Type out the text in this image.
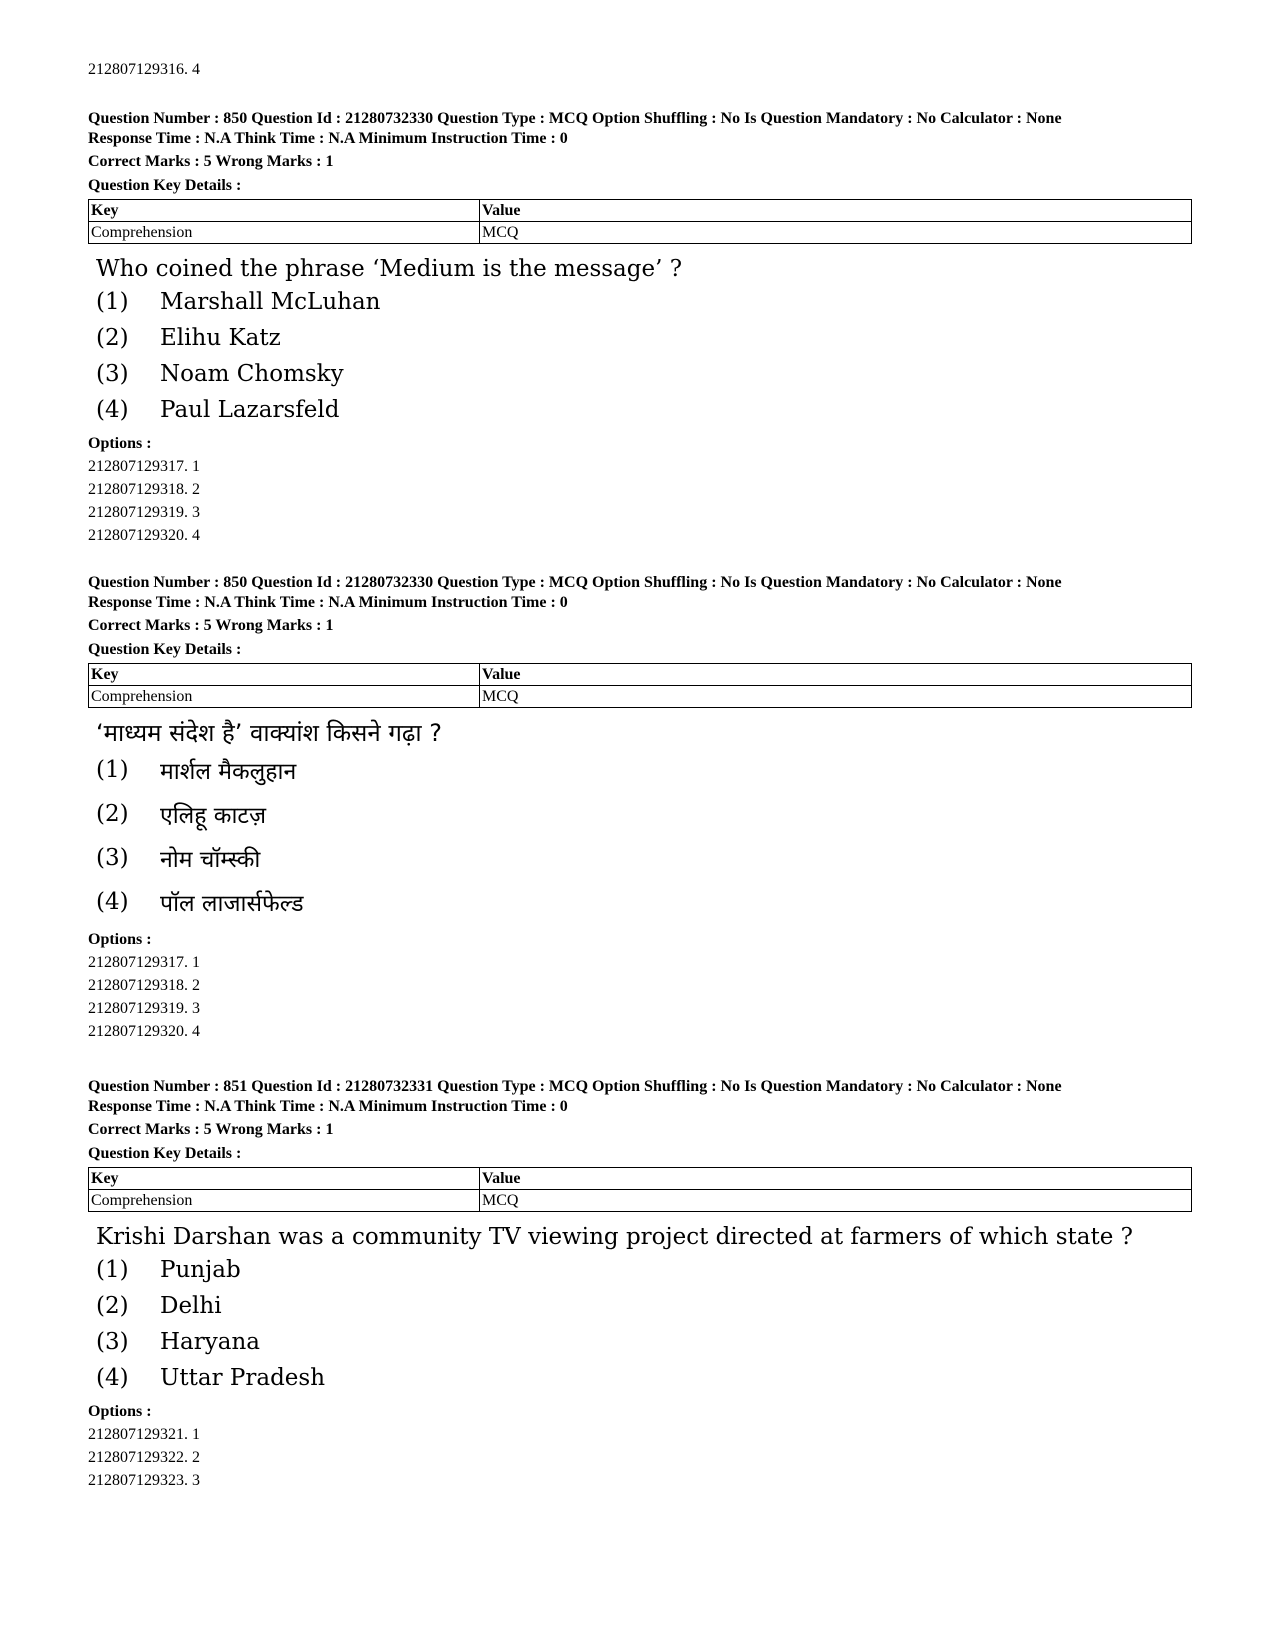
212807129316. 4
Question Number : 850 Question Id : 21280732330 Question Type : MCQ Option Shuffling : No Is Question Mandatory : No Calculator : None
Response Time : N.A Think Time : N.A Minimum Instruction Time : 0
Correct Marks : 5 Wrong Marks : 1
Question Key Details :
Key	Value
Comprehension	MCQ
Who coined the phrase ‘Medium is the message’ ?
(1)	Marshall McLuhan
(2)	Elihu Katz
(3)	Noam Chomsky
(4)	Paul Lazarsfeld
Options :
212807129317. 1
212807129318. 2
212807129319. 3
212807129320. 4
Question Number : 850 Question Id : 21280732330 Question Type : MCQ Option Shuffling : No Is Question Mandatory : No Calculator : None
Response Time : N.A Think Time : N.A Minimum Instruction Time : 0
Correct Marks : 5 Wrong Marks : 1
Question Key Details :
Key	Value
Comprehension	MCQ
‘माध्यम संदेश है’ वाक्यांश किसने गढ़ा ?
(1)	मार्शल मैकलुहान
(2)	एलिहू काटज़
(3)	नोम चॉम्स्की
(4)	पॉल लाजार्सफेल्ड
Options :
212807129317. 1
212807129318. 2
212807129319. 3
212807129320. 4
Question Number : 851 Question Id : 21280732331 Question Type : MCQ Option Shuffling : No Is Question Mandatory : No Calculator : None
Response Time : N.A Think Time : N.A Minimum Instruction Time : 0
Correct Marks : 5 Wrong Marks : 1
Question Key Details :
Key	Value
Comprehension	MCQ
Krishi Darshan was a community TV viewing project directed at farmers of which state ?
(1)	Punjab
(2)	Delhi
(3)	Haryana
(4)	Uttar Pradesh
Options :
212807129321. 1
212807129322. 2
212807129323. 3
